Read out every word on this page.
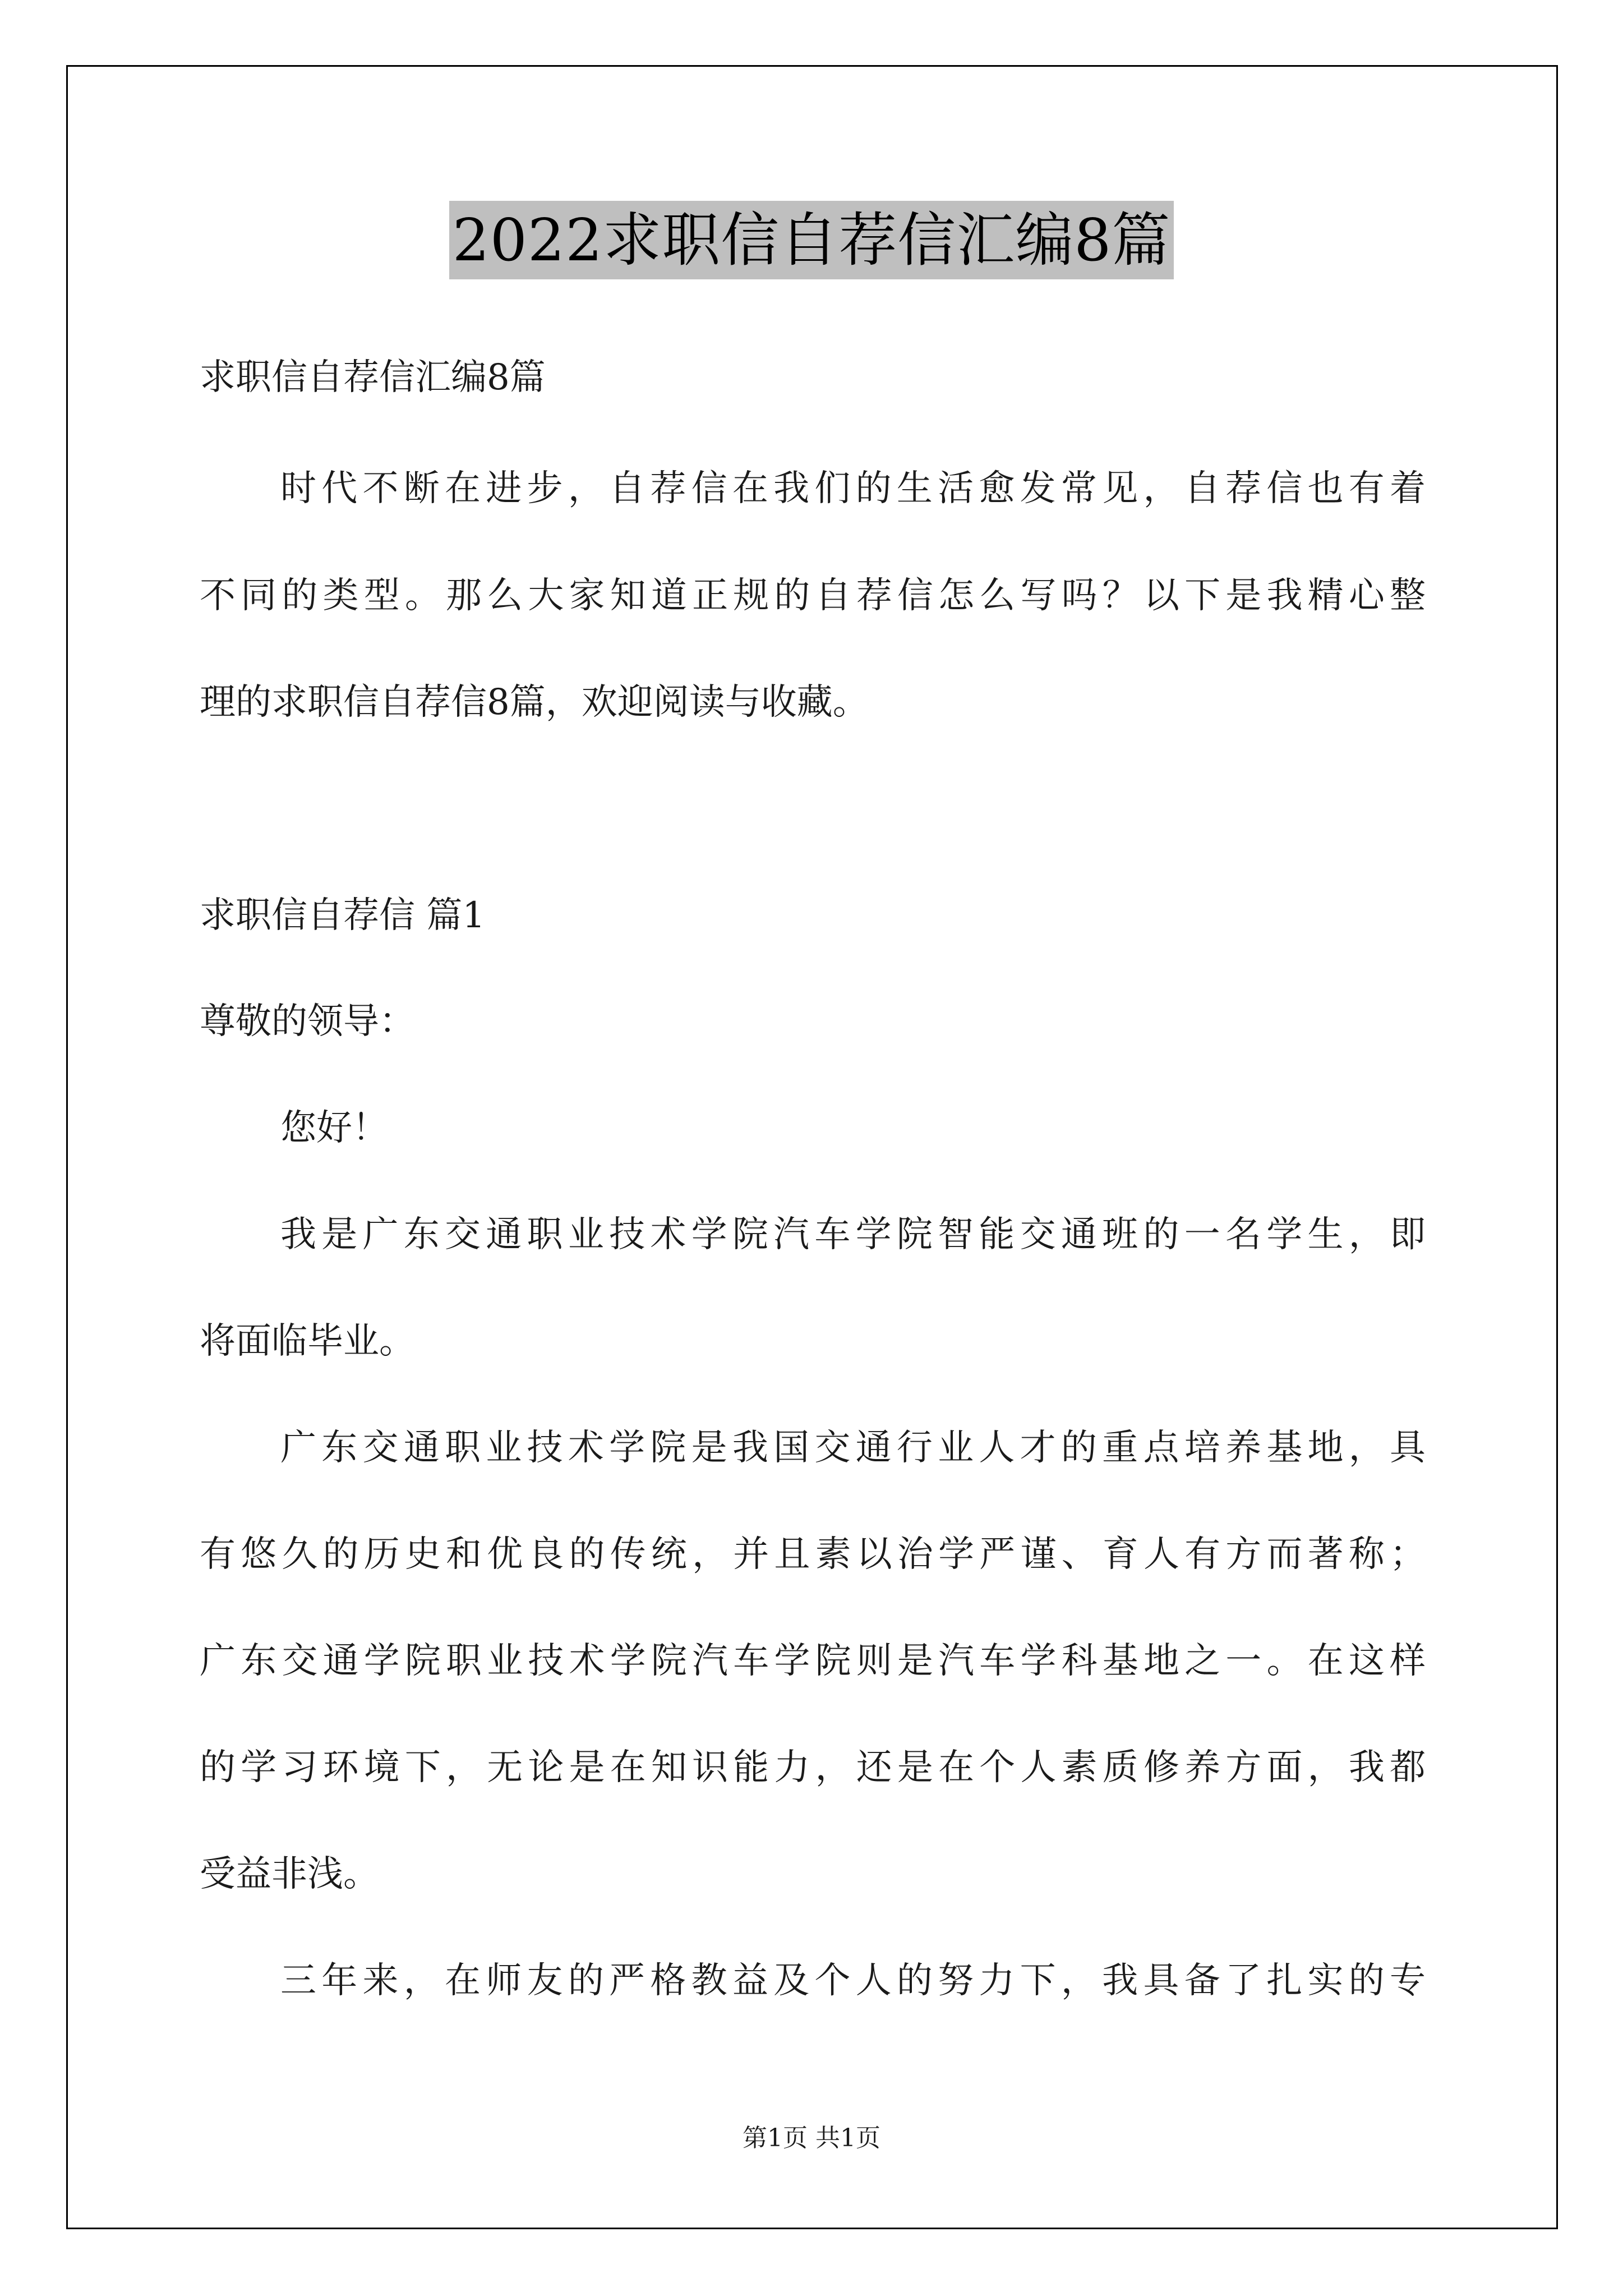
2022求职信自荐信汇编8篇
求职信自荐信汇编8篇
时代不断在进步，自荐信在我们的生活愈发常见，自荐信也有着
不同的类型。那么大家知道正规的自荐信怎么写吗？以下是我精心整
理的求职信自荐信8篇，欢迎阅读与收藏。
求职信自荐信 篇1
尊敬的领导：
您好！
我是广东交通职业技术学院汽车学院智能交通班的一名学生，即
将面临毕业。
广东交通职业技术学院是我国交通行业人才的重点培养基地，具
有悠久的历史和优良的传统，并且素以治学严谨、育人有方而著称；
广东交通学院职业技术学院汽车学院则是汽车学科基地之一。在这样
的学习环境下，无论是在知识能力，还是在个人素质修养方面，我都
受益非浅。
三年来，在师友的严格教益及个人的努力下，我具备了扎实的专
第1页 共1页
